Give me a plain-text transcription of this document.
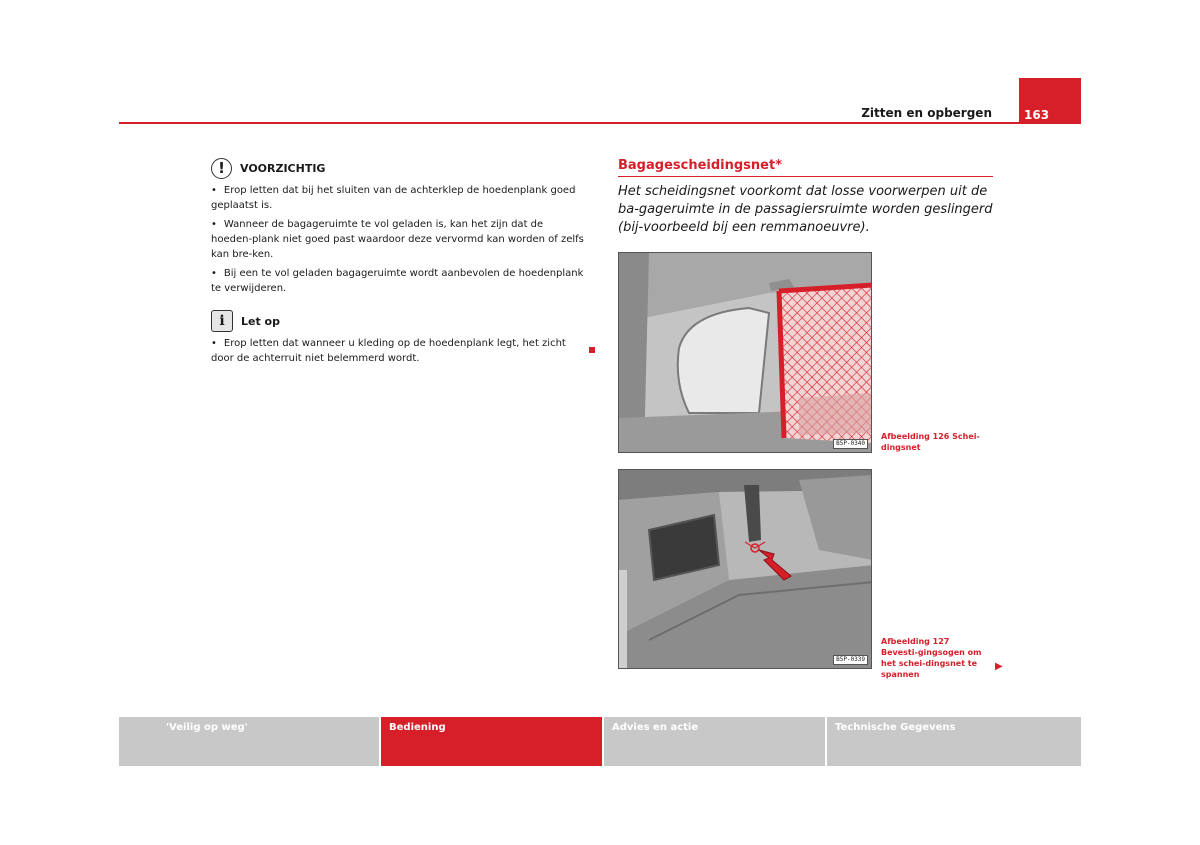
Zitten en opbergen	163
!	VOORZICHTIG

• Erop letten dat bij het sluiten van de achterklep de hoedenplank goed geplaatst is.

• Wanneer de bagageruimte te vol geladen is, kan het zijn dat de hoeden-plank niet goed past waardoor deze vervormd kan worden of zelfs kan bre-ken.

• Bij een te vol geladen bagageruimte wordt aanbevolen de hoedenplank te verwijderen.

i	Let op

• Erop letten dat wanneer u kleding op de hoedenplank legt, het zicht door de achterruit niet belemmerd wordt.

Bagagescheidingsnet*
Het scheidingsnet voorkomt dat losse voorwerpen uit de ba-gageruimte in de passagiersruimte worden geslingerd (bij-voorbeeld bij een remmanoeuvre).
B5P-0340
Afbeelding 126 Schei-dingsnet
B5P-0339
Afbeelding 127 Bevesti-gingsogen om het schei-dingsnet te spannen
▶
'Veilig op weg'	Bediening	Advies en actie	Technische Gegevens
